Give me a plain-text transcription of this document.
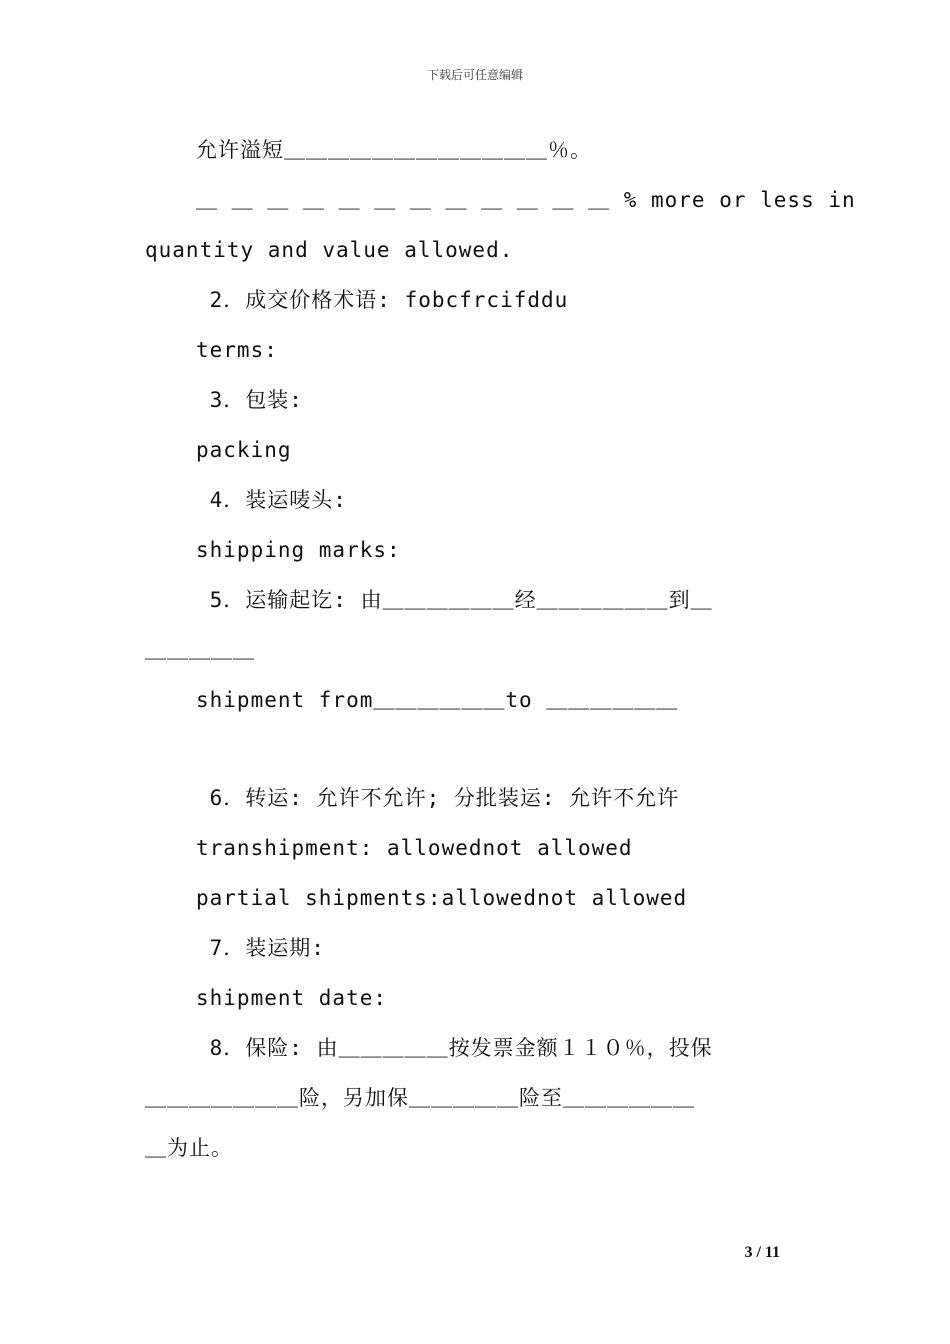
下载后可任意编辑
允许溢短＿＿＿＿＿＿＿＿＿＿＿＿％。
＿ ＿ ＿ ＿ ＿ ＿ ＿ ＿ ＿ ＿ ＿ ＿ % more or less in
quantity and value allowed.
2．成交价格术语: fobcfrcifddu
terms:
3．包装:
packing
4．装运唛头:
shipping marks:
5．运输起讫: 由＿＿＿＿＿＿经＿＿＿＿＿＿到＿
＿＿＿＿＿
shipment from＿＿＿＿＿＿to ＿＿＿＿＿＿
6．转运: 允许不允许; 分批装运: 允许不允许
transhipment: allowednot allowed
partial shipments:allowednot allowed
7．装运期:
shipment date:
8．保险: 由＿＿＿＿＿按发票金额１１０％，投保
＿＿＿＿＿＿＿险，另加保＿＿＿＿＿险至＿＿＿＿＿＿
＿为止。
3 / 11
